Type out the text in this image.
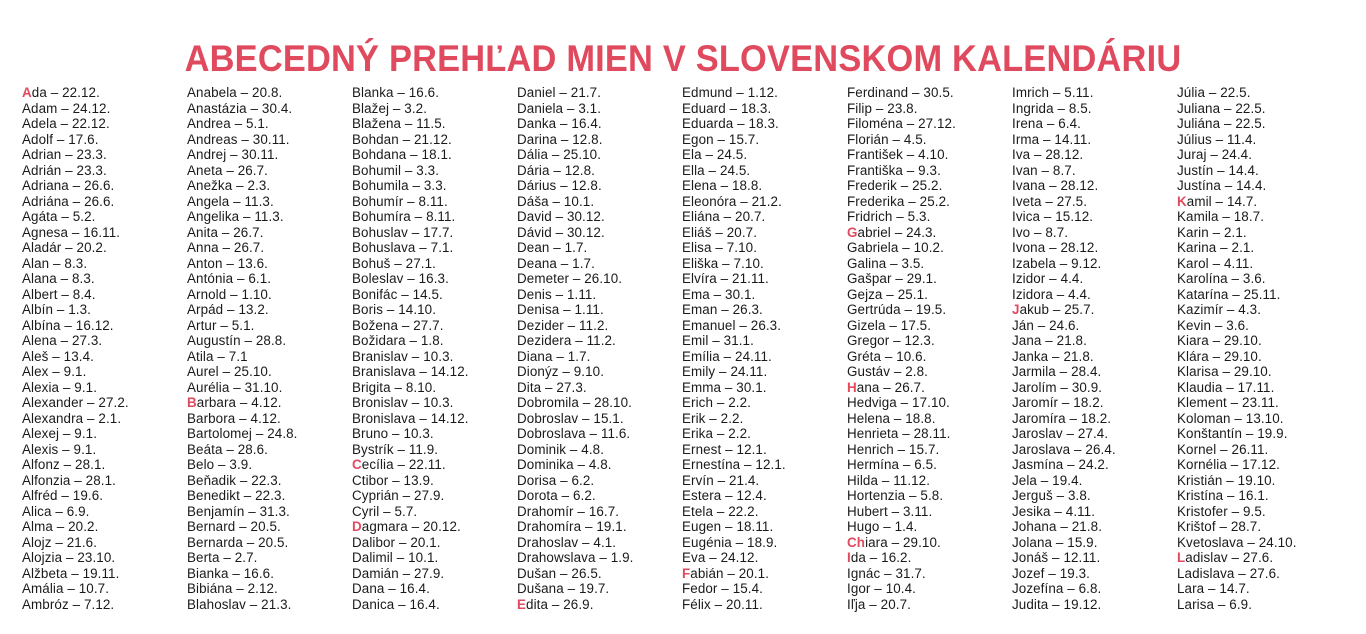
ABECEDNÝ PREHĽAD MIEN V SLOVENSKOM KALENDÁRIU
Ada – 22.12.
Adam – 24.12.
Adela – 22.12.
Adolf – 17.6.
Adrian – 23.3.
Adrián – 23.3.
Adriana – 26.6.
Adriána – 26.6.
Agáta – 5.2.
Agnesa – 16.11.
Aladár – 20.2.
Alan – 8.3.
Alana – 8.3.
Albert – 8.4.
Albín – 1.3.
Albína – 16.12.
Alena – 27.3.
Aleš – 13.4.
Alex – 9.1.
Alexia – 9.1.
Alexander – 27.2.
Alexandra – 2.1.
Alexej – 9.1.
Alexis – 9.1.
Alfonz – 28.1.
Alfonzia – 28.1.
Alfréd – 19.6.
Alica – 6.9.
Alma – 20.2.
Alojz – 21.6.
Alojzia – 23.10.
Alžbeta – 19.11.
Amália – 10.7.
Ambróz – 7.12.
Anabela – 20.8.
Anastázia – 30.4.
Andrea – 5.1.
Andreas – 30.11.
Andrej – 30.11.
Aneta – 26.7.
Anežka – 2.3.
Angela – 11.3.
Angelika – 11.3.
Anita – 26.7.
Anna – 26.7.
Anton – 13.6.
Antónia – 6.1.
Arnold – 1.10.
Arpád – 13.2.
Artur – 5.1.
Augustín – 28.8.
Atila – 7.1
Aurel – 25.10.
Aurélia – 31.10.
Barbara – 4.12.
Barbora – 4.12.
Bartolomej – 24.8.
Beáta – 28.6.
Belo – 3.9.
Beňadik – 22.3.
Benedikt – 22.3.
Benjamín – 31.3.
Bernard – 20.5.
Bernarda – 20.5.
Berta – 2.7.
Bianka – 16.6.
Bibiána – 2.12.
Blahoslav – 21.3.
Blanka – 16.6.
Blažej – 3.2.
Blažena – 11.5.
Bohdan – 21.12.
Bohdana – 18.1.
Bohumil – 3.3.
Bohumila – 3.3.
Bohumír – 8.11.
Bohumíra – 8.11.
Bohuslav – 17.7.
Bohuslava – 7.1.
Bohuš – 27.1.
Boleslav – 16.3.
Bonifác – 14.5.
Boris – 14.10.
Božena – 27.7.
Božidara – 1.8.
Branislav – 10.3.
Branislava – 14.12.
Brigita – 8.10.
Bronislav – 10.3.
Bronislava – 14.12.
Bruno – 10.3.
Bystrík – 11.9.
Cecília – 22.11.
Ctibor – 13.9.
Cyprián – 27.9.
Cyril – 5.7.
Dagmara – 20.12.
Dalibor – 20.1.
Dalimil – 10.1.
Damián – 27.9.
Dana – 16.4.
Danica – 16.4.
Daniel – 21.7.
Daniela – 3.1.
Danka – 16.4.
Darina – 12.8.
Dália – 25.10.
Dária – 12.8.
Dárius – 12.8.
Dáša – 10.1.
David – 30.12.
Dávid – 30.12.
Dean – 1.7.
Deana – 1.7.
Demeter – 26.10.
Denis – 1.11.
Denisa – 1.11.
Dezider – 11.2.
Dezidera – 11.2.
Diana – 1.7.
Dionýz – 9.10.
Dita – 27.3.
Dobromila – 28.10.
Dobroslav – 15.1.
Dobroslava – 11.6.
Dominik – 4.8.
Dominika – 4.8.
Dorisa – 6.2.
Dorota – 6.2.
Drahomír – 16.7.
Drahomíra – 19.1.
Drahoslav – 4.1.
Drahowslava – 1.9.
Dušan – 26.5.
Dušana – 19.7.
Edita – 26.9.
Edmund – 1.12.
Eduard – 18.3.
Eduarda – 18.3.
Egon – 15.7.
Ela – 24.5.
Ella – 24.5.
Elena – 18.8.
Eleonóra – 21.2.
Eliána – 20.7.
Eliáš – 20.7.
Elisa – 7.10.
Eliška – 7.10.
Elvíra – 21.11.
Ema – 30.1.
Eman – 26.3.
Emanuel – 26.3.
Emil – 31.1.
Emília – 24.11.
Emily – 24.11.
Emma – 30.1.
Erich – 2.2.
Erik – 2.2.
Erika – 2.2.
Ernest – 12.1.
Ernestína – 12.1.
Ervín – 21.4.
Estera – 12.4.
Etela – 22.2.
Eugen – 18.11.
Eugénia – 18.9.
Eva – 24.12.
Fabián – 20.1.
Fedor – 15.4.
Félix – 20.11.
Ferdinand – 30.5.
Filip – 23.8.
Filoména – 27.12.
Florián – 4.5.
František – 4.10.
Františka – 9.3.
Frederik – 25.2.
Frederika – 25.2.
Fridrich – 5.3.
Gabriel – 24.3.
Gabriela – 10.2.
Galina – 3.5.
Gašpar – 29.1.
Gejza – 25.1.
Gertrúda – 19.5.
Gizela – 17.5.
Gregor – 12.3.
Gréta – 10.6.
Gustáv – 2.8.
Hana – 26.7.
Hedviga – 17.10.
Helena – 18.8.
Henrieta – 28.11.
Henrich – 15.7.
Hermína – 6.5.
Hilda – 11.12.
Hortenzia – 5.8.
Hubert – 3.11.
Hugo – 1.4.
Chiara – 29.10.
Ida – 16.2.
Ignác – 31.7.
Igor – 10.4.
Iľja – 20.7.
Imrich – 5.11.
Ingrida – 8.5.
Irena – 6.4.
Irma – 14.11.
Iva – 28.12.
Ivan – 8.7.
Ivana – 28.12.
Iveta – 27.5.
Ivica – 15.12.
Ivo – 8.7.
Ivona – 28.12.
Izabela – 9.12.
Izidor – 4.4.
Izidora – 4.4.
Jakub – 25.7.
Ján – 24.6.
Jana – 21.8.
Janka – 21.8.
Jarmila – 28.4.
Jarolím – 30.9.
Jaromír – 18.2.
Jaromíra – 18.2.
Jaroslav – 27.4.
Jaroslava – 26.4.
Jasmína – 24.2.
Jela – 19.4.
Jerguš – 3.8.
Jesika – 4.11.
Johana – 21.8.
Jolana – 15.9.
Jonáš – 12.11.
Jozef – 19.3.
Jozefína – 6.8.
Judita – 19.12.
Júlia – 22.5.
Juliana – 22.5.
Juliána – 22.5.
Július – 11.4.
Juraj – 24.4.
Justín – 14.4.
Justína – 14.4.
Kamil – 14.7.
Kamila – 18.7.
Karin – 2.1.
Karina – 2.1.
Karol – 4.11.
Karolína – 3.6.
Katarína – 25.11.
Kazimír – 4.3.
Kevin – 3.6.
Kiara – 29.10.
Klára – 29.10.
Klarisa – 29.10.
Klaudia – 17.11.
Klement – 23.11.
Koloman – 13.10.
Konštantín – 19.9.
Kornel – 26.11.
Kornélia – 17.12.
Kristián – 19.10.
Kristína – 16.1.
Kristofer – 9.5.
Krištof – 28.7.
Kvetoslava – 24.10.
Ladislav – 27.6.
Ladislava – 27.6.
Lara – 14.7.
Larisa – 6.9.
